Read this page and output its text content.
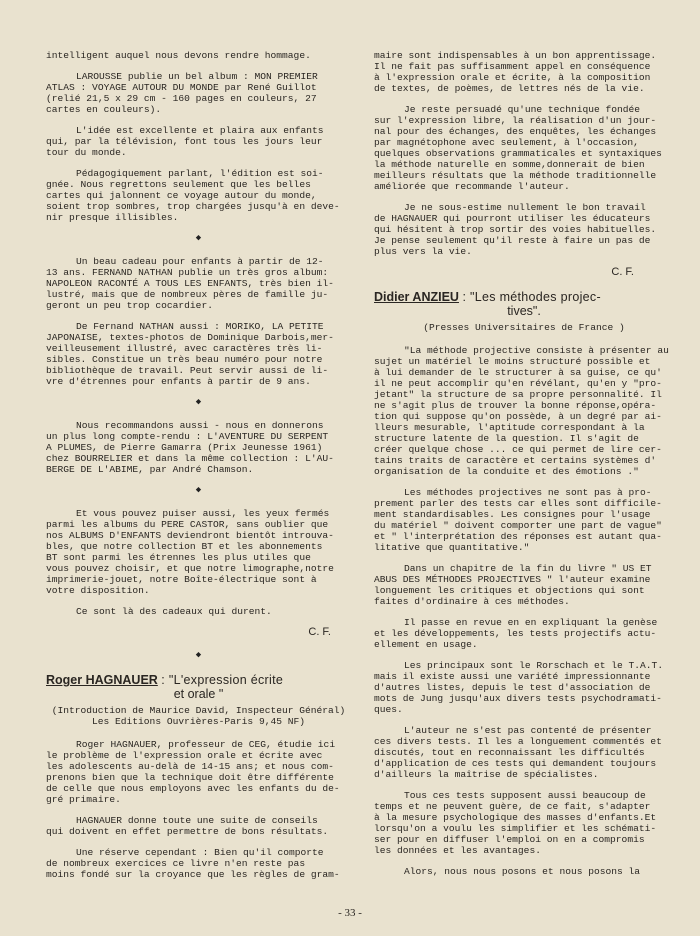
intelligent auquel nous devons rendre hommage.

LAROUSSE publie un bel album : MON PREMIER
ATLAS : VOYAGE AUTOUR DU MONDE par René Guillot
(relié 21,5 x 29 cm - 160 pages en couleurs, 27
cartes en couleurs).

L'idée est excellente et plaira aux enfants
qui, par la télévision, font tous les jours leur
tour du monde.

Pédagogiquement parlant, l'édition est soi-
gnée. Nous regrettons seulement que les belles
cartes qui jalonnent ce voyage autour du monde,
soient trop sombres, trop chargées jusqu'à en deve-
nir presque illisibles.

◆

Un beau cadeau pour enfants à partir de 12-
13 ans. FERNAND NATHAN publie un très gros album:
NAPOLEON RACONTÉ A TOUS LES ENFANTS, très bien il-
lustré, mais que de nombreux pères de famille ju-
geront un peu trop cocardier.

De Fernand NATHAN aussi : MORIKO, LA PETITE
JAPONAISE, textes-photos de Dominique Darbois,mer-
veilleusement illustré, avec caractères très li-
sibles. Constitue un très beau numéro pour notre
bibliothèque de travail. Peut servir aussi de li-
vre d'étrennes pour enfants à partir de 9 ans.

◆

Nous recommandons aussi - nous en donnerons
un plus long compte-rendu : L'AVENTURE DU SERPENT
A PLUMES, de Pierre Gamarra (Prix Jeunesse 1961)
chez BOURRELIER et dans la même collection : L'AU-
BERGE DE L'ABIME, par André Chamson.

◆

Et vous pouvez puiser aussi, les yeux fermés
parmi les albums du PERE CASTOR, sans oublier que
nos ALBUMS D'ENFANTS deviendront bientôt introuva-
bles, que notre collection BT et les abonnements
BT sont parmi les étrennes les plus utiles que
vous pouvez choisir, et que notre limographe,notre
imprimerie-jouet, notre Boîte-électrique sont à
votre disposition.

Ce sont là des cadeaux qui durent.

C. F.
◆
Roger HAGNAUER : "L'expression écrite
et orale "

(Introduction de Maurice David, Inspecteur Général)
Les Editions Ouvrières-Paris 9,45 NF)

Roger HAGNAUER, professeur de CEG, étudie ici
le problème de l'expression orale et écrite avec
les adolescents au-delà de 14-15 ans; et nous com-
prenons bien que la technique doit être différente
de celle que nous employons avec les enfants du de-
gré primaire.

HAGNAUER donne toute une suite de conseils
qui doivent en effet permettre de bons résultats.

Une réserve cependant : Bien qu'il comporte
de nombreux exercices ce livre n'en reste pas
moins fondé sur la croyance que les règles de gram-

maire sont indispensables à un bon apprentissage.
Il ne fait pas suffisamment appel en conséquence
à l'expression orale et écrite, à la composition
de textes, de poèmes, de lettres nés de la vie.

Je reste persuadé qu'une technique fondée
sur l'expression libre, la réalisation d'un jour-
nal pour des échanges, des enquêtes, les échanges
par magnétophone avec seulement, à l'occasion,
quelques observations grammaticales et syntaxiques
la méthode naturelle en somme,donnerait de bien
meilleurs résultats que la méthode traditionnelle
améliorée que recommande l'auteur.

Je ne sous-estime nullement le bon travail
de HAGNAUER qui pourront utiliser les éducateurs
qui hésitent à trop sortir des voies habituelles.
Je pense seulement qu'il reste à faire un pas de
plus vers la vie.

C. F.
Didier ANZIEU : "Les méthodes projec-
tives".

(Presses Universitaires de France )

"La méthode projective consiste à présenter au
sujet un matériel le moins structuré possible et
à lui demander de le structurer à sa guise, ce qu'
il ne peut accomplir qu'en révélant, qu'en y "pro-
jetant" la structure de sa propre personnalité. Il
ne s'agit plus de trouver la bonne réponse,opéra-
tion qui suppose qu'on possède, à un degré par ai-
lleurs mesurable, l'aptitude correspondant à la
structure latente de la question. Il s'agit de
créer quelque chose ... ce qui permet de lire cer-
tains traits de caractère et certains systèmes d'
organisation de la conduite et des émotions ."

Les méthodes projectives ne sont pas à pro-
prement parler des tests car elles sont difficile-
ment standardisables. Les consignes pour l'usage
du matériel " doivent comporter une part de vague"
et " l'interprétation des réponses est autant qua-
litative que quantitative."

Dans un chapitre de la fin du livre " US ET
ABUS DES MÉTHODES PROJECTIVES " l'auteur examine
longuement les critiques et objections qui sont
faites d'ordinaire à ces méthodes.

Il passe en revue en en expliquant la genèse
et les développements, les tests projectifs actu-
ellement en usage.

Les principaux sont le Rorschach et le T.A.T.
mais il existe aussi une variété impressionnante
d'autres listes, depuis le test d'association de
mots de Jung jusqu'aux divers tests psychodramati-
ques.

L'auteur ne s'est pas contenté de présenter
ces divers tests. Il les a longuement commentés et
discutés, tout en reconnaissant les difficultés
d'application de ces tests qui demandent toujours
d'ailleurs la maîtrise de spécialistes.

Tous ces tests supposent aussi beaucoup de
temps et ne peuvent guère, de ce fait, s'adapter
à la mesure psychologique des masses d'enfants.Et
lorsqu'on a voulu les simplifier et les schémati-
ser pour en diffuser l'emploi on en a compromis
les données et les avantages.

Alors, nous nous posons et nous posons la

- 33 -
